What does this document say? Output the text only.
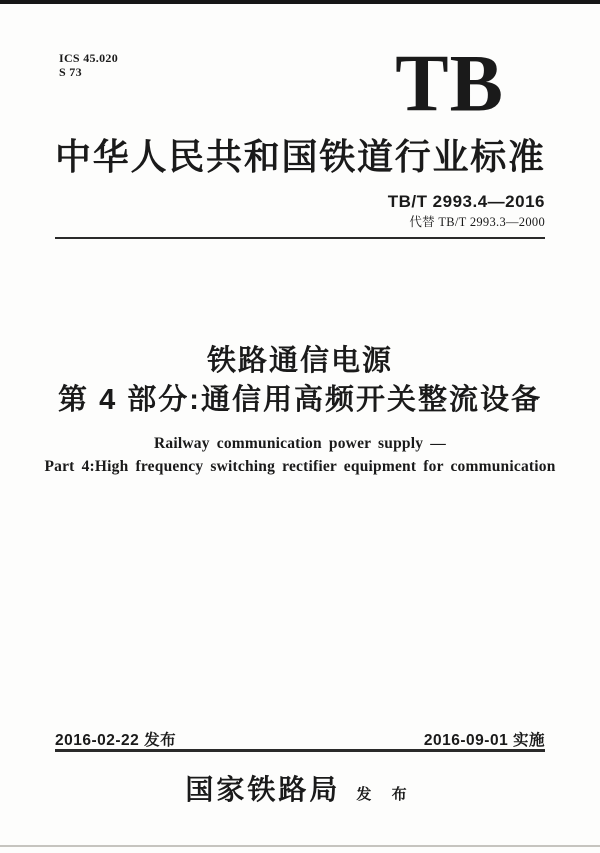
ICS 45.020
S 73	TB
中华人民共和国铁道行业标准
TB/T 2993.4—2016
代替 TB/T 2993.3—2000
铁路通信电源
第 4 部分:通信用高频开关整流设备
Railway communication power supply —
Part 4:High frequency switching rectifier equipment for communication
2016-02-22 发布	2016-09-01 实施
国家铁路局 发 布
